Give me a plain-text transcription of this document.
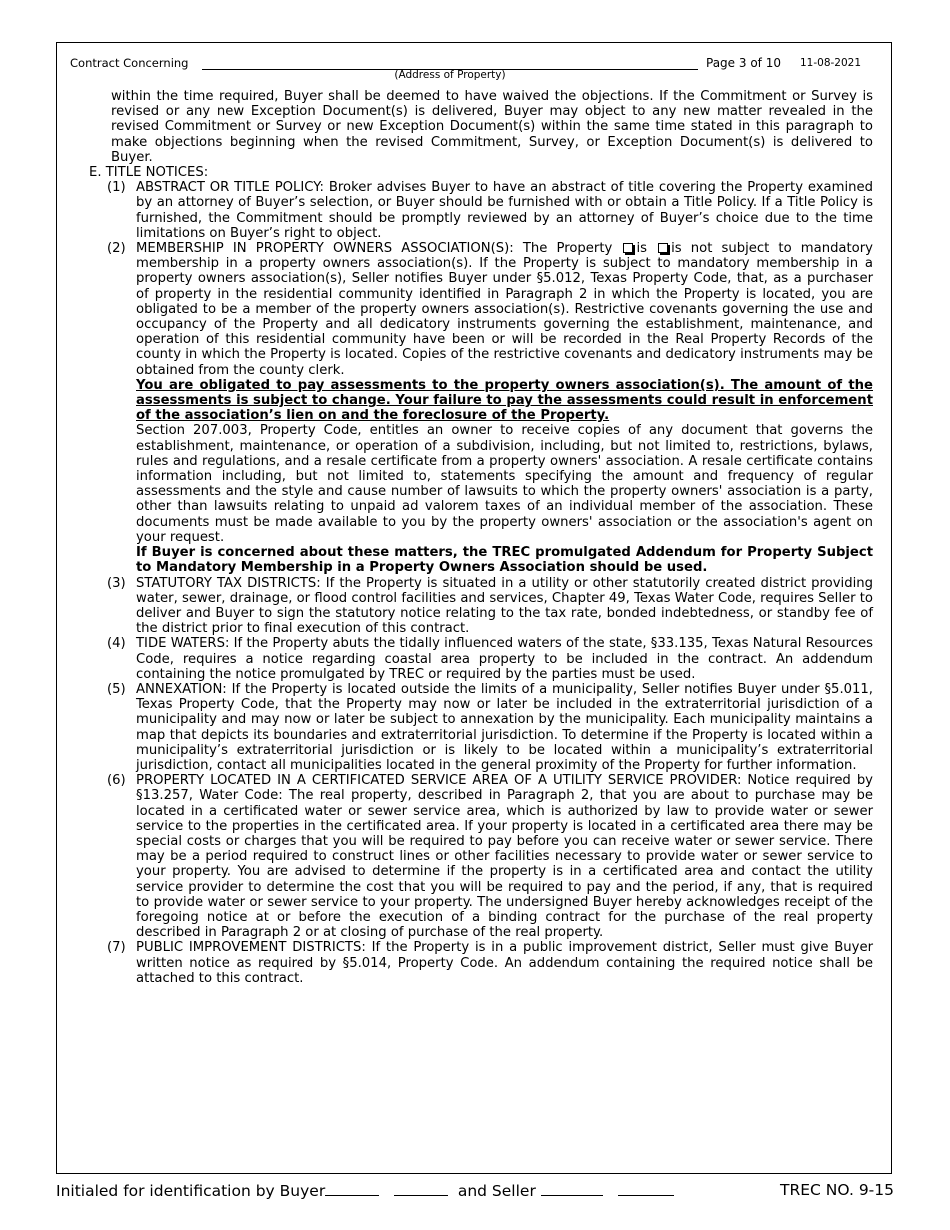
Contract Concerning
(Address of Property)
Page 3 of 10 11-08-2021

within the time required, Buyer shall be deemed to have waived the objections. If the Commitment or Survey is revised or any new Exception Document(s) is delivered, Buyer may object to any new matter revealed in the revised Commitment or Survey or new Exception Document(s) within the same time stated in this paragraph to make objections beginning when the revised Commitment, Survey, or Exception Document(s) is delivered to Buyer.

E. TITLE NOTICES:

(1) ABSTRACT OR TITLE POLICY: Broker advises Buyer to have an abstract of title covering the Property examined by an attorney of Buyer’s selection, or Buyer should be furnished with or obtain a Title Policy. If a Title Policy is furnished, the Commitment should be promptly reviewed by an attorney of Buyer’s choice due to the time limitations on Buyer’s right to object.
(2) MEMBERSHIP IN PROPERTY OWNERS ASSOCIATION(S): The Property is is not subject to mandatory membership in a property owners association(s). If the Property is subject to mandatory membership in a property owners association(s), Seller notifies Buyer under §5.012, Texas Property Code, that, as a purchaser of property in the residential community identified in Paragraph 2 in which the Property is located, you are obligated to be a member of the property owners association(s). Restrictive covenants governing the use and occupancy of the Property and all dedicatory instruments governing the establishment, maintenance, and operation of this residential community have been or will be recorded in the Real Property Records of the county in which the Property is located. Copies of the restrictive covenants and dedicatory instruments may be obtained from the county clerk.

You are obligated to pay assessments to the property owners association(s). The amount of the assessments is subject to change. Your failure to pay the assessments could result in enforcement of the association’s lien on and the foreclosure of the Property.

Section 207.003, Property Code, entitles an owner to receive copies of any document that governs the establishment, maintenance, or operation of a subdivision, including, but not limited to, restrictions, bylaws, rules and regulations, and a resale certificate from a property owners' association. A resale certificate contains information including, but not limited to, statements specifying the amount and frequency of regular assessments and the style and cause number of lawsuits to which the property owners' association is a party, other than lawsuits relating to unpaid ad valorem taxes of an individual member of the association. These documents must be made available to you by the property owners' association or the association's agent on your request.

If Buyer is concerned about these matters, the TREC promulgated Addendum for Property Subject to Mandatory Membership in a Property Owners Association should be used.

(3) STATUTORY TAX DISTRICTS: If the Property is situated in a utility or other statutorily created district providing water, sewer, drainage, or flood control facilities and services, Chapter 49, Texas Water Code, requires Seller to deliver and Buyer to sign the statutory notice relating to the tax rate, bonded indebtedness, or standby fee of the district prior to final execution of this contract.
(4) TIDE WATERS: If the Property abuts the tidally influenced waters of the state, §33.135, Texas Natural Resources Code, requires a notice regarding coastal area property to be included in the contract. An addendum containing the notice promulgated by TREC or required by the parties must be used.
(5) ANNEXATION: If the Property is located outside the limits of a municipality, Seller notifies Buyer under §5.011, Texas Property Code, that the Property may now or later be included in the extraterritorial jurisdiction of a municipality and may now or later be subject to annexation by the municipality. Each municipality maintains a map that depicts its boundaries and extraterritorial jurisdiction. To determine if the Property is located within a municipality’s extraterritorial jurisdiction or is likely to be located within a municipality’s extraterritorial jurisdiction, contact all municipalities located in the general proximity of the Property for further information.
(6) PROPERTY LOCATED IN A CERTIFICATED SERVICE AREA OF A UTILITY SERVICE PROVIDER: Notice required by §13.257, Water Code: The real property, described in Paragraph 2, that you are about to purchase may be located in a certificated water or sewer service area, which is authorized by law to provide water or sewer service to the properties in the certificated area. If your property is located in a certificated area there may be special costs or charges that you will be required to pay before you can receive water or sewer service. There may be a period required to construct lines or other facilities necessary to provide water or sewer service to your property. You are advised to determine if the property is in a certificated area and contact the utility service provider to determine the cost that you will be required to pay and the period, if any, that is required to provide water or sewer service to your property. The undersigned Buyer hereby acknowledges receipt of the foregoing notice at or before the execution of a binding contract for the purchase of the real property described in Paragraph 2 or at closing of purchase of the real property.
(7) PUBLIC IMPROVEMENT DISTRICTS: If the Property is in a public improvement district, Seller must give Buyer written notice as required by §5.014, Property Code. An addendum containing the required notice shall be attached to this contract.
Initialed for identification by Buyer	and Seller	TREC NO. 9-15
